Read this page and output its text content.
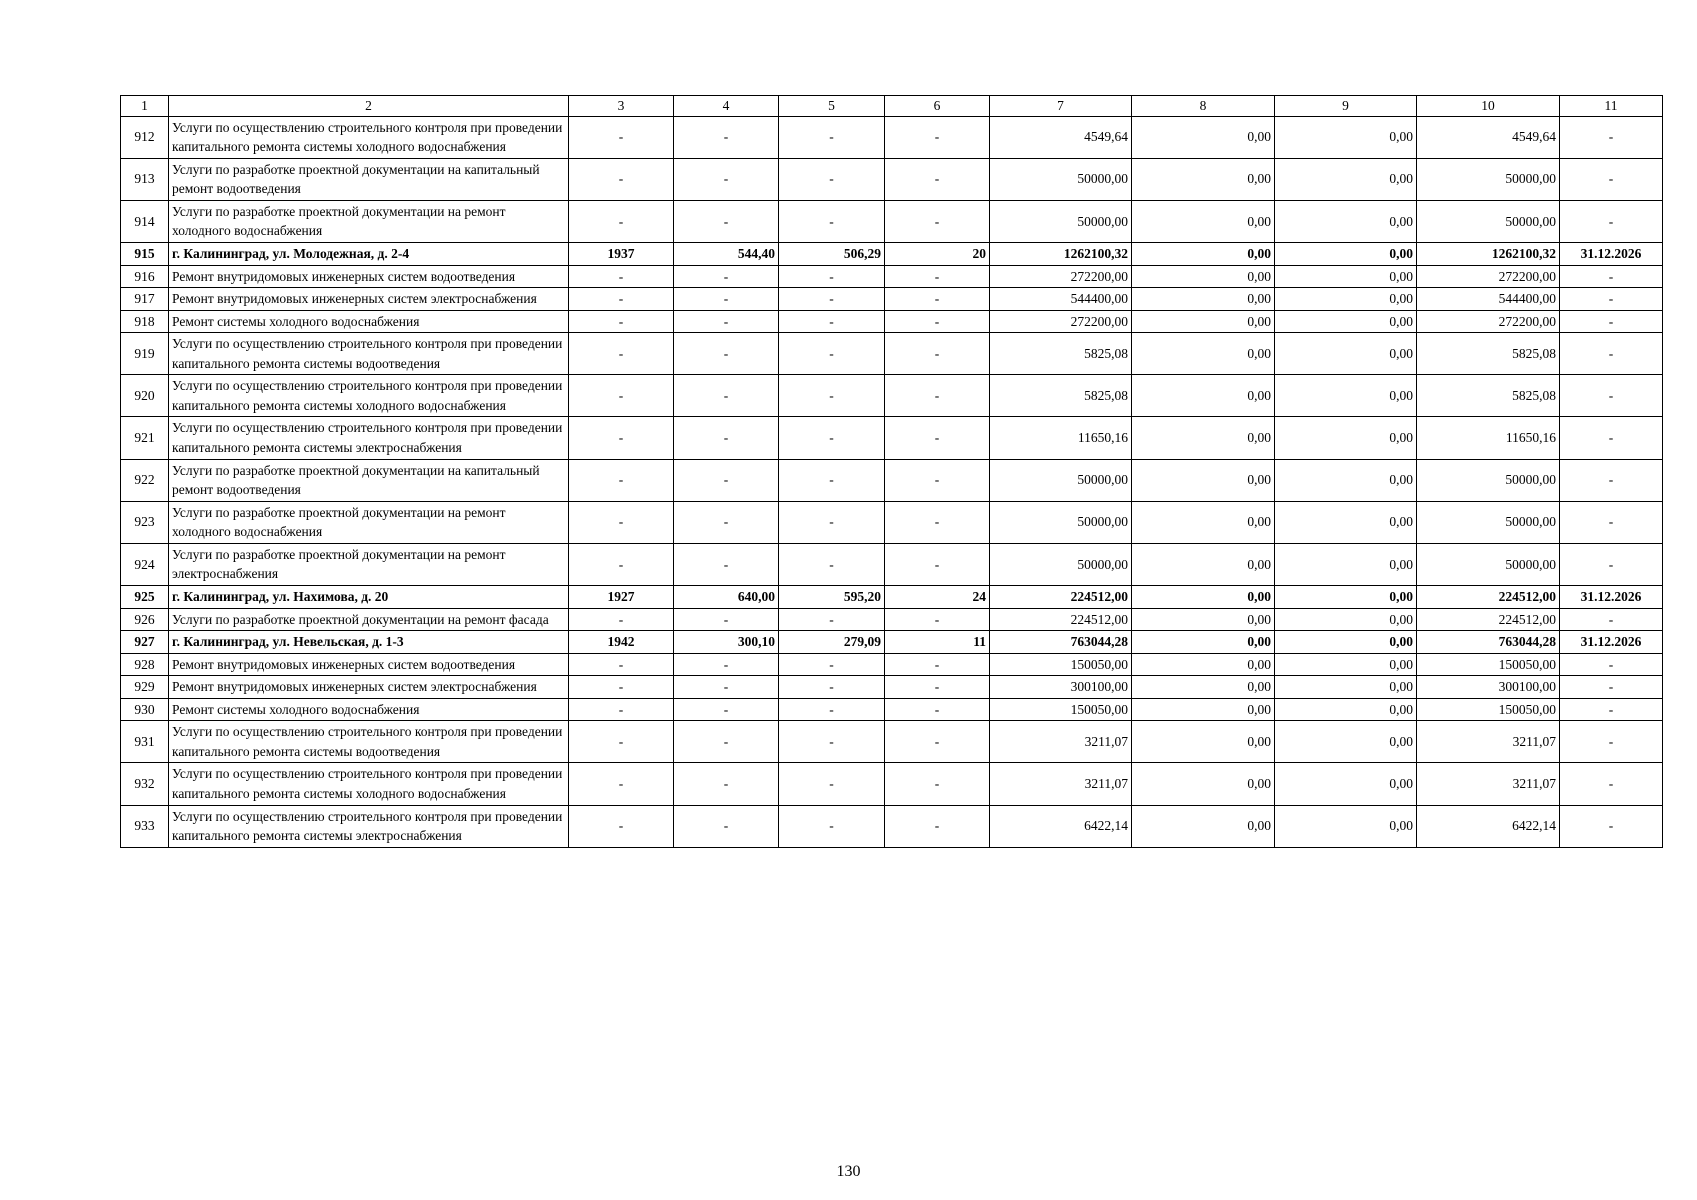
1	2	3	4	5	6	7	8	9	10	11
912	Услуги по осуществлению строительного контроля при проведении капитального ремонта системы холодного водоснабжения	-	-	-	-	4549,64	0,00	0,00	4549,64	-
913	Услуги по разработке проектной документации на капитальный ремонт водоотведения	-	-	-	-	50000,00	0,00	0,00	50000,00	-
914	Услуги по разработке проектной документации на ремонт холодного водоснабжения	-	-	-	-	50000,00	0,00	0,00	50000,00	-
915	г. Калининград, ул. Молодежная, д. 2-4	1937	544,40	506,29	20	1262100,32	0,00	0,00	1262100,32	31.12.2026
916	Ремонт внутридомовых инженерных систем водоотведения	-	-	-	-	272200,00	0,00	0,00	272200,00	-
917	Ремонт внутридомовых инженерных систем электроснабжения	-	-	-	-	544400,00	0,00	0,00	544400,00	-
918	Ремонт системы холодного водоснабжения	-	-	-	-	272200,00	0,00	0,00	272200,00	-
919	Услуги по осуществлению строительного контроля при проведении капитального ремонта системы водоотведения	-	-	-	-	5825,08	0,00	0,00	5825,08	-
920	Услуги по осуществлению строительного контроля при проведении капитального ремонта системы холодного водоснабжения	-	-	-	-	5825,08	0,00	0,00	5825,08	-
921	Услуги по осуществлению строительного контроля при проведении капитального ремонта системы электроснабжения	-	-	-	-	11650,16	0,00	0,00	11650,16	-
922	Услуги по разработке проектной документации на капитальный ремонт водоотведения	-	-	-	-	50000,00	0,00	0,00	50000,00	-
923	Услуги по разработке проектной документации на ремонт холодного водоснабжения	-	-	-	-	50000,00	0,00	0,00	50000,00	-
924	Услуги по разработке проектной документации на ремонт электроснабжения	-	-	-	-	50000,00	0,00	0,00	50000,00	-
925	г. Калининград, ул. Нахимова, д. 20	1927	640,00	595,20	24	224512,00	0,00	0,00	224512,00	31.12.2026
926	Услуги по разработке проектной документации на ремонт фасада	-	-	-	-	224512,00	0,00	0,00	224512,00	-
927	г. Калининград, ул. Невельская, д. 1-3	1942	300,10	279,09	11	763044,28	0,00	0,00	763044,28	31.12.2026
928	Ремонт внутридомовых инженерных систем водоотведения	-	-	-	-	150050,00	0,00	0,00	150050,00	-
929	Ремонт внутридомовых инженерных систем электроснабжения	-	-	-	-	300100,00	0,00	0,00	300100,00	-
930	Ремонт системы холодного водоснабжения	-	-	-	-	150050,00	0,00	0,00	150050,00	-
931	Услуги по осуществлению строительного контроля при проведении капитального ремонта системы водоотведения	-	-	-	-	3211,07	0,00	0,00	3211,07	-
932	Услуги по осуществлению строительного контроля при проведении капитального ремонта системы холодного водоснабжения	-	-	-	-	3211,07	0,00	0,00	3211,07	-
933	Услуги по осуществлению строительного контроля при проведении капитального ремонта системы электроснабжения	-	-	-	-	6422,14	0,00	0,00	6422,14	-
130
